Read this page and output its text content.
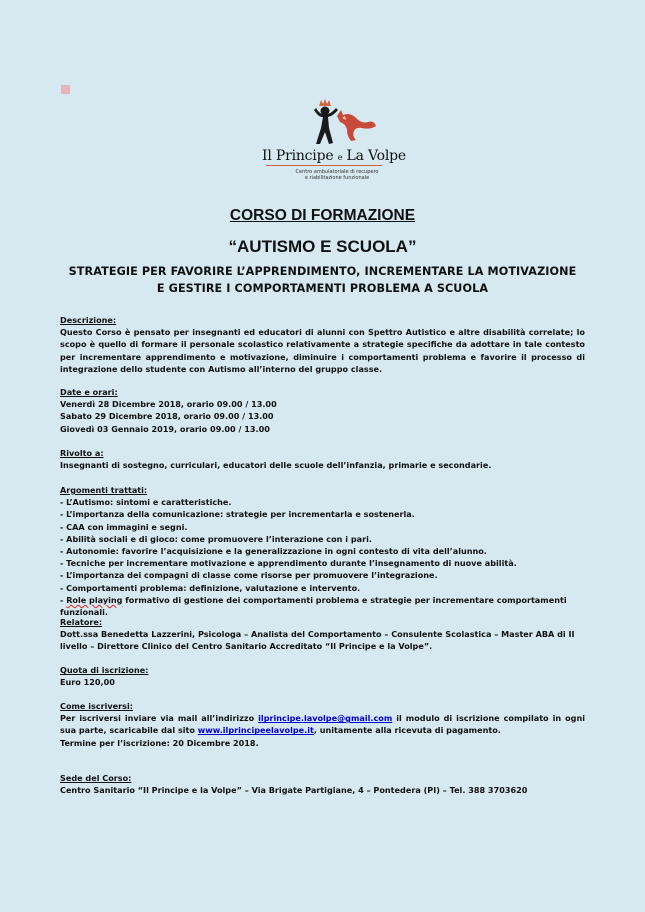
Il Principe e La Volpe
Centro ambulatoriale di recupero
e riabilitazione funzionale
CORSO DI FORMAZIONE
“AUTISMO E SCUOLA”
STRATEGIE PER FAVORIRE L’APPRENDIMENTO, INCREMENTARE LA MOTIVAZIONE
E GESTIRE I COMPORTAMENTI PROBLEMA A SCUOLA
Descrizione:
Questo Corso è pensato per insegnanti ed educatori di alunni con Spettro Autistico e altre disabilità correlate; lo scopo è quello di formare il personale scolastico relativamente a strategie specifiche da adottare in tale contesto per incrementare apprendimento e motivazione, diminuire i comportamenti problema e favorire il processo di integrazione dello studente con Autismo all’interno del gruppo classe.
Date e orari:
Venerdì 28 Dicembre 2018, orario 09.00 / 13.00
Sabato 29 Dicembre 2018, orario 09.00 / 13.00
Giovedì 03 Gennaio 2019, orario 09.00 / 13.00
Rivolto a:
Insegnanti di sostegno, curriculari, educatori delle scuole dell’infanzia, primarie e secondarie.
Argomenti trattati:
- L’Autismo: sintomi e caratteristiche.
- L’importanza della comunicazione: strategie per incrementarla e sostenerla.
- CAA con immagini e segni.
- Abilità sociali e di gioco: come promuovere l’interazione con i pari.
- Autonomie: favorire l’acquisizione e la generalizzazione in ogni contesto di vita dell’alunno.
- Tecniche per incrementare motivazione e apprendimento durante l’insegnamento di nuove abilità.
- L’importanza dei compagni di classe come risorse per promuovere l’integrazione.
- Comportamenti problema: definizione, valutazione e intervento.
- Role playing formativo di gestione dei comportamenti problema e strategie per incrementare comportamenti funzionali.
Relatore:
Dott.ssa Benedetta Lazzerini, Psicologa – Analista del Comportamento – Consulente Scolastica – Master ABA di II livello – Direttore Clinico del Centro Sanitario Accreditato “Il Principe e la Volpe”.
Quota di iscrizione:
Euro 120,00
Come iscriversi:
Per iscriversi inviare via mail all’indirizzo ilprincipe.lavolpe@gmail.com il modulo di iscrizione compilato in ogni sua parte, scaricabile dal sito www.ilprincipeelavolpe.it, unitamente alla ricevuta di pagamento.
Termine per l’iscrizione: 20 Dicembre 2018.
Sede del Corso:
Centro Sanitario “Il Principe e la Volpe” – Via Brigate Partigiane, 4 – Pontedera (PI) – Tel. 388 3703620
